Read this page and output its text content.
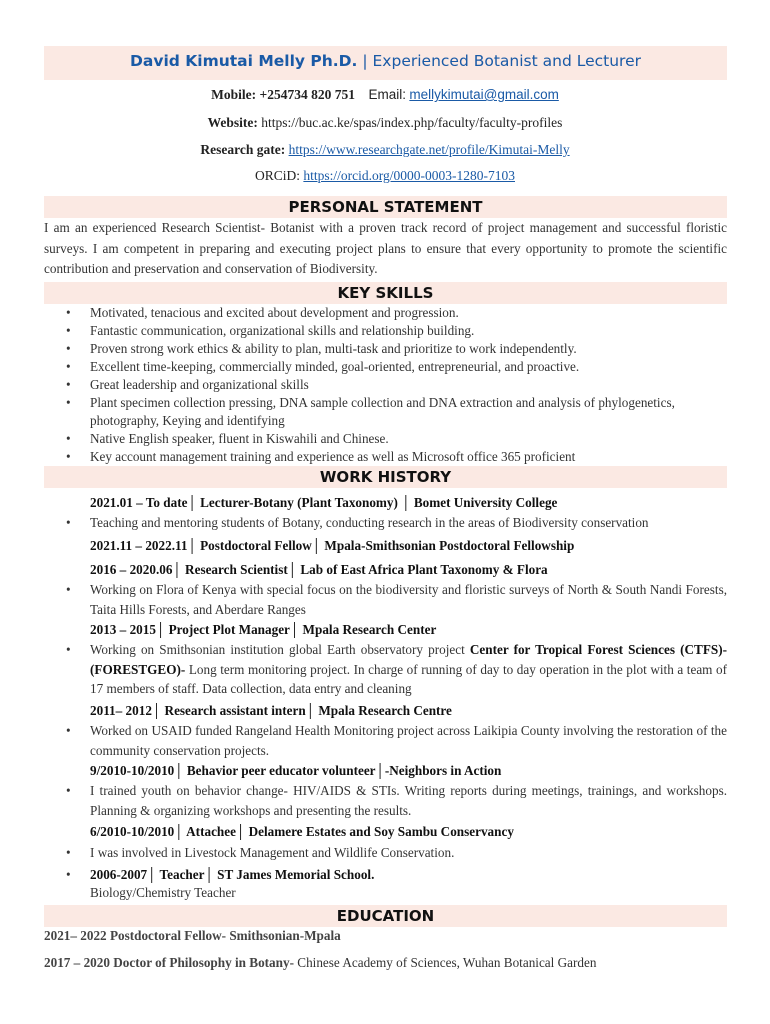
David Kimutai Melly Ph.D. | Experienced Botanist and Lecturer
Mobile: +254734 820 751 Email: mellykimutai@gmail.com
Website: https://buc.ac.ke/spas/index.php/faculty/faculty-profiles
Research gate: https://www.researchgate.net/profile/Kimutai-Melly
ORCiD: https://orcid.org/0000-0003-1280-7103
PERSONAL STATEMENT
I am an experienced Research Scientist- Botanist with a proven track record of project management and successful floristic surveys. I am competent in preparing and executing project plans to ensure that every opportunity to promote the scientific contribution and preservation and conservation of Biodiversity.
KEY SKILLS
• Motivated, tenacious and excited about development and progression.
• Fantastic communication, organizational skills and relationship building.
• Proven strong work ethics & ability to plan, multi-task and prioritize to work independently.
• Excellent time-keeping, commercially minded, goal-oriented, entrepreneurial, and proactive.
• Great leadership and organizational skills
• Plant specimen collection pressing, DNA sample collection and DNA extraction and analysis of phylogenetics, photography, Keying and identifying
• Native English speaker, fluent in Kiswahili and Chinese.
• Key account management training and experience as well as Microsoft office 365 proficient
WORK HISTORY
2021.01 – To date│ Lecturer-Botany (Plant Taxonomy) │ Bomet University College
• Teaching and mentoring students of Botany, conducting research in the areas of Biodiversity conservation
2021.11 – 2022.11│ Postdoctoral Fellow│ Mpala-Smithsonian Postdoctoral Fellowship
2016 – 2020.06│ Research Scientist│ Lab of East Africa Plant Taxonomy & Flora
• Working on Flora of Kenya with special focus on the biodiversity and floristic surveys of North & South Nandi Forests, Taita Hills Forests, and Aberdare Ranges
2013 – 2015│ Project Plot Manager│ Mpala Research Center
• Working on Smithsonian institution global Earth observatory project Center for Tropical Forest Sciences (CTFS)- (FORESTGEO)- Long term monitoring project. In charge of running of day to day operation in the plot with a team of 17 members of staff. Data collection, data entry and cleaning
2011– 2012│ Research assistant intern│ Mpala Research Centre
• Worked on USAID funded Rangeland Health Monitoring project across Laikipia County involving the restoration of the community conservation projects.
9/2010-10/2010│ Behavior peer educator volunteer│-Neighbors in Action
• I trained youth on behavior change- HIV/AIDS & STIs. Writing reports during meetings, trainings, and workshops. Planning & organizing workshops and presenting the results.
6/2010-10/2010│ Attachee│ Delamere Estates and Soy Sambu Conservancy
• I was involved in Livestock Management and Wildlife Conservation.
• 2006-2007│ Teacher│ ST James Memorial School.
Biology/Chemistry Teacher
EDUCATION
2021– 2022 Postdoctoral Fellow- Smithsonian-Mpala
2017 – 2020 Doctor of Philosophy in Botany- Chinese Academy of Sciences, Wuhan Botanical Garden
